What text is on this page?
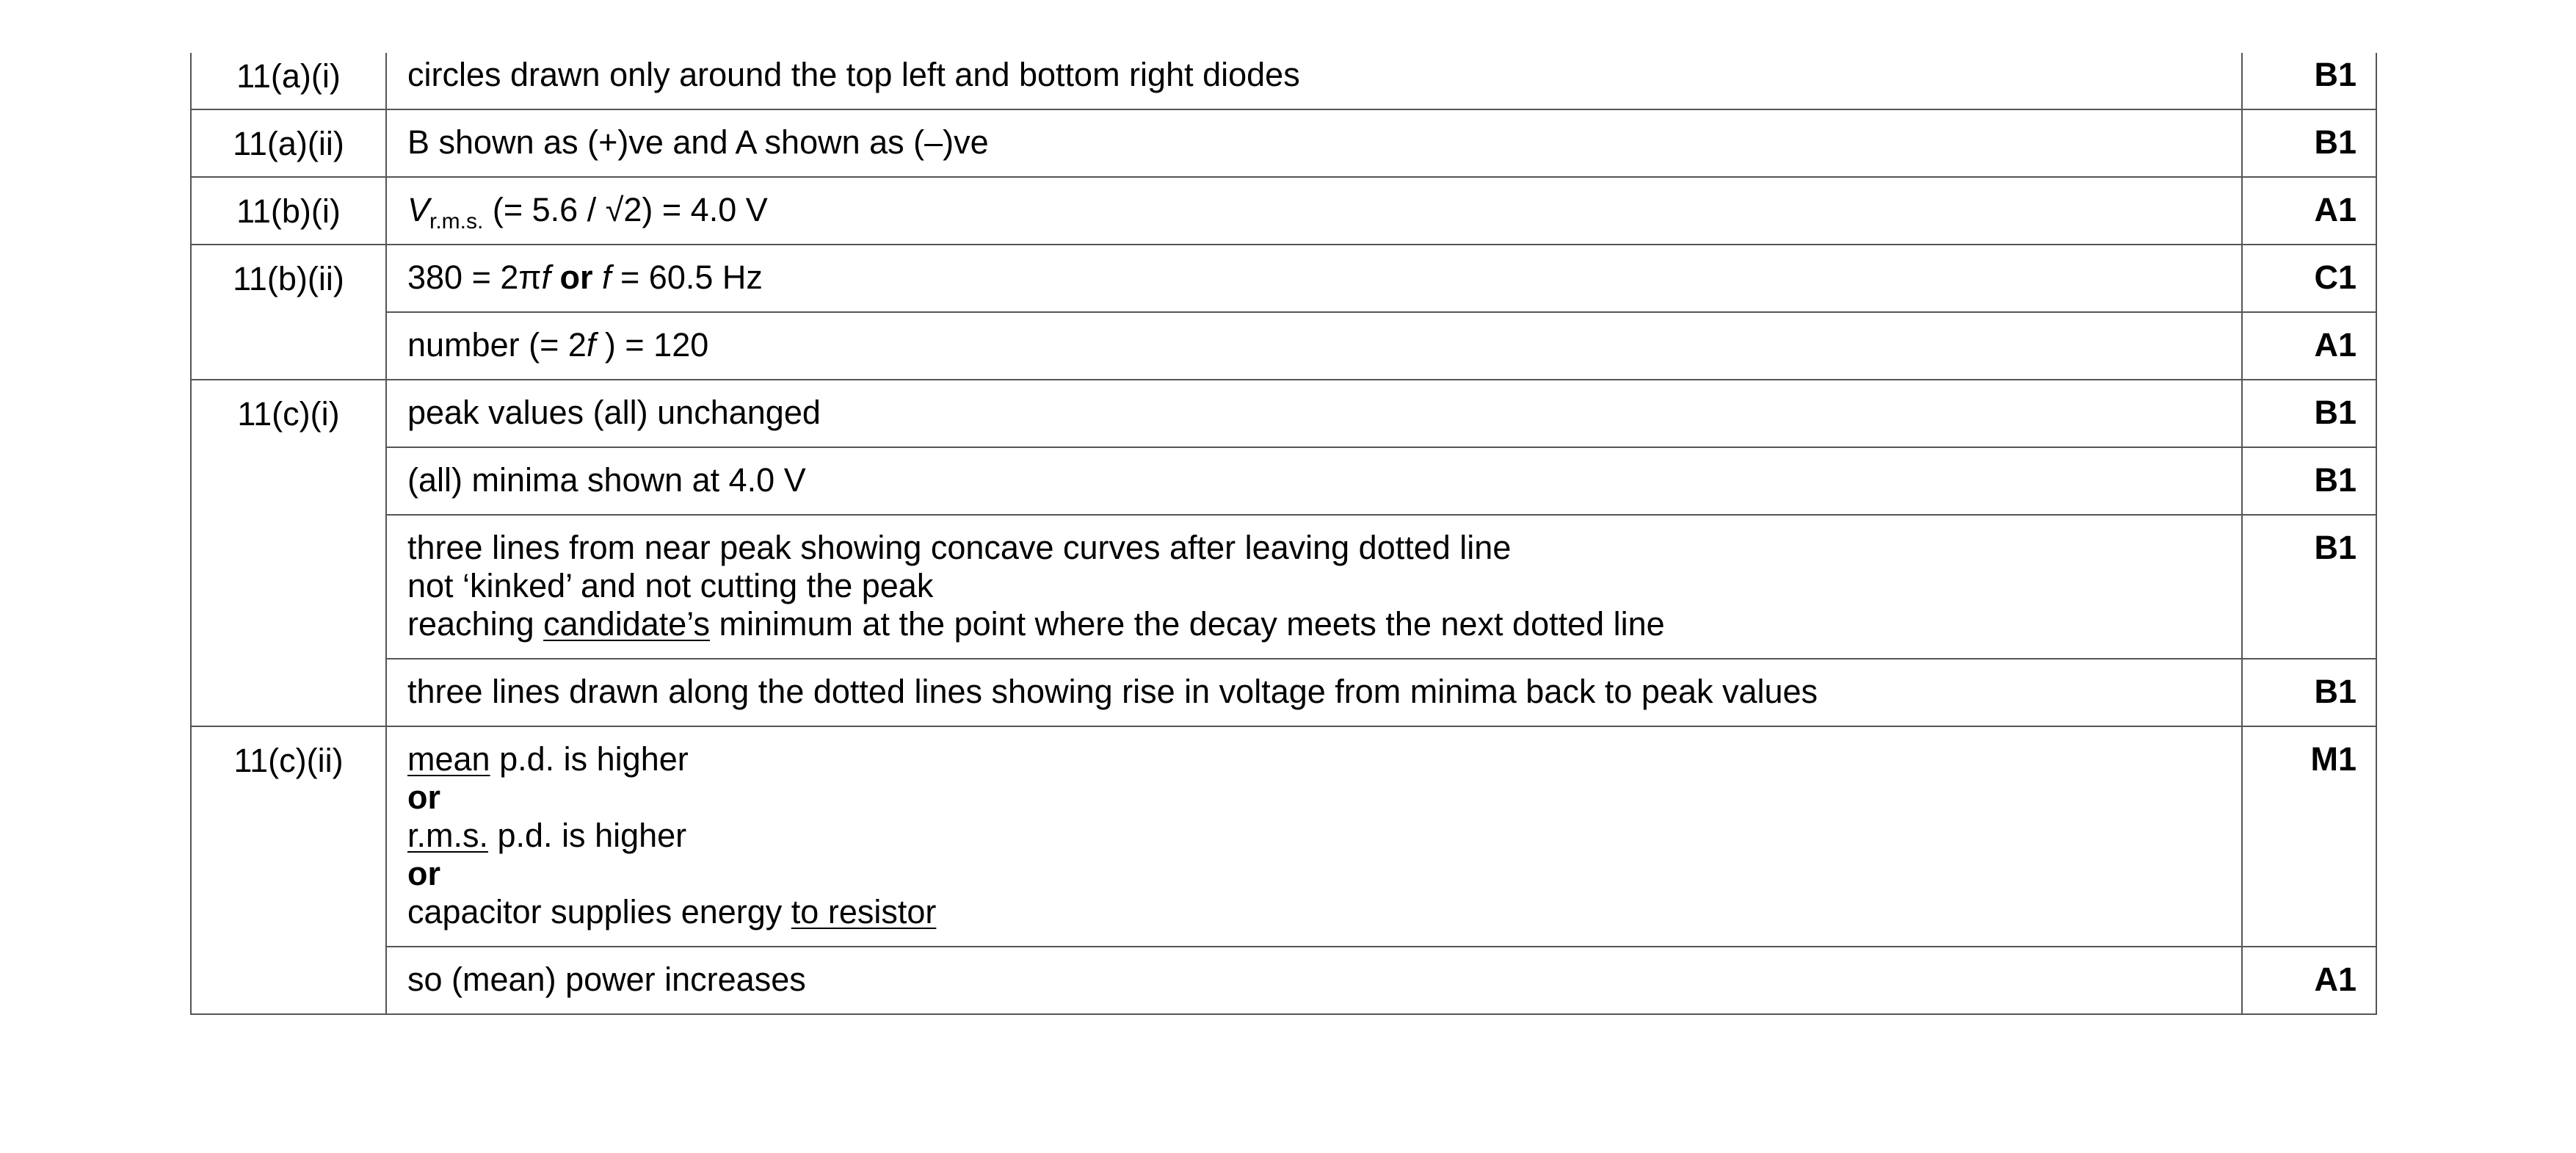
11(a)(i)	circles drawn only around the top left and bottom right diodes	B1

11(a)(ii)	B shown as (+)ve and A shown as (–)ve	B1

11(b)(i)	$V_{r.m.s.}$ (= 5.6 / √2) = 4.0 V	A1

11(b)(ii)	380 = 2πf or f = 60.5 Hz	C1

	number (= 2f ) = 120	A1

11(c)(i)	peak values (all) unchanged	B1

	(all) minima shown at 4.0 V	B1

	three lines from near peak showing concave curves after leaving dotted line
not ‘kinked’ and not cutting the peak
reaching candidate’s minimum at the point where the decay meets the next dotted line	B1

	three lines drawn along the dotted lines showing rise in voltage from minima back to peak values	B1

11(c)(ii)	mean p.d. is higher
or
r.m.s. p.d. is higher
or
capacitor supplies energy to resistor	M1

	so (mean) power increases	A1
